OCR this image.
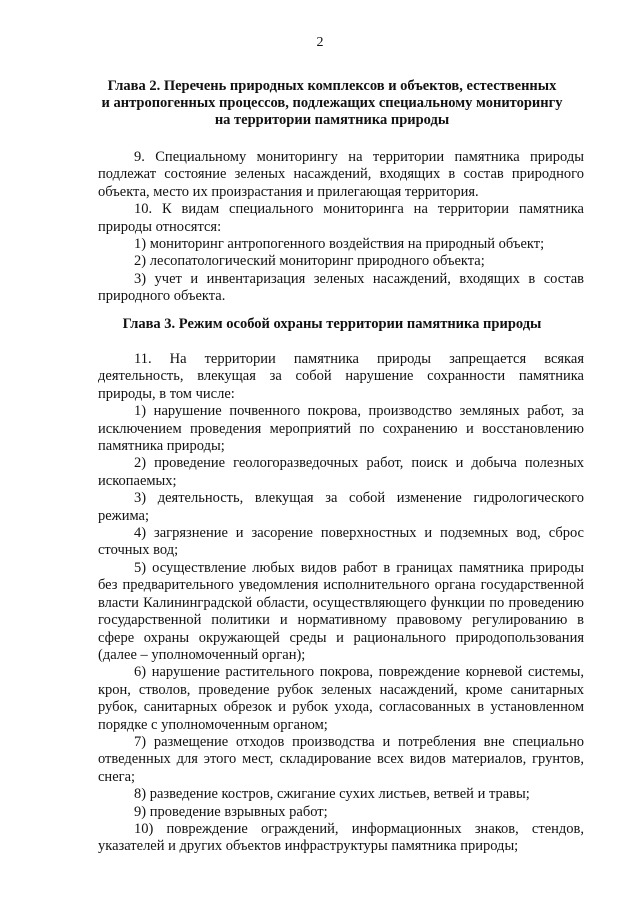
2
Глава 2. Перечень природных комплексов и объектов, естественных
и антропогенных процессов, подлежащих специальному мониторингу
на территории памятника природы

9. Специальному мониторингу на территории памятника природы

подлежат состояние зеленых насаждений, входящих в состав природного

объекта, место их произрастания и прилегающая территория.

10. К видам специального мониторинга на территории памятника

природы относятся:

1) мониторинг антропогенного воздействия на природный объект;

2) лесопатологический мониторинг природного объекта;

3) учет и инвентаризация зеленых насаждений, входящих в состав

природного объекта.

Глава 3. Режим особой охраны территории памятника природы

11. На территории памятника природы запрещается всякая

деятельность, влекущая за собой нарушение сохранности памятника

природы, в том числе:

1) нарушение почвенного покрова, производство земляных работ, за

исключением проведения мероприятий по сохранению и восстановлению

памятника природы;

2) проведение геологоразведочных работ, поиск и добыча полезных

ископаемых;

3) деятельность, влекущая за собой изменение гидрологического

режима;

4) загрязнение и засорение поверхностных и подземных вод, сброс

сточных вод;

5) осуществление любых видов работ в границах памятника природы

без предварительного уведомления исполнительного органа государственной

власти Калининградской области, осуществляющего функции по проведению

государственной политики и нормативному правовому регулированию в

сфере охраны окружающей среды и рационального природопользования

(далее – уполномоченный орган);

6) нарушение растительного покрова, повреждение корневой системы,

крон, стволов, проведение рубок зеленых насаждений, кроме санитарных

рубок, санитарных обрезок и рубок ухода, согласованных в установленном

порядке с уполномоченным органом;

7) размещение отходов производства и потребления вне специально

отведенных для этого мест, складирование всех видов материалов, грунтов,

снега;

8) разведение костров, сжигание сухих листьев, ветвей и травы;

9) проведение взрывных работ;

10) повреждение ограждений, информационных знаков, стендов,

указателей и других объектов инфраструктуры памятника природы;
